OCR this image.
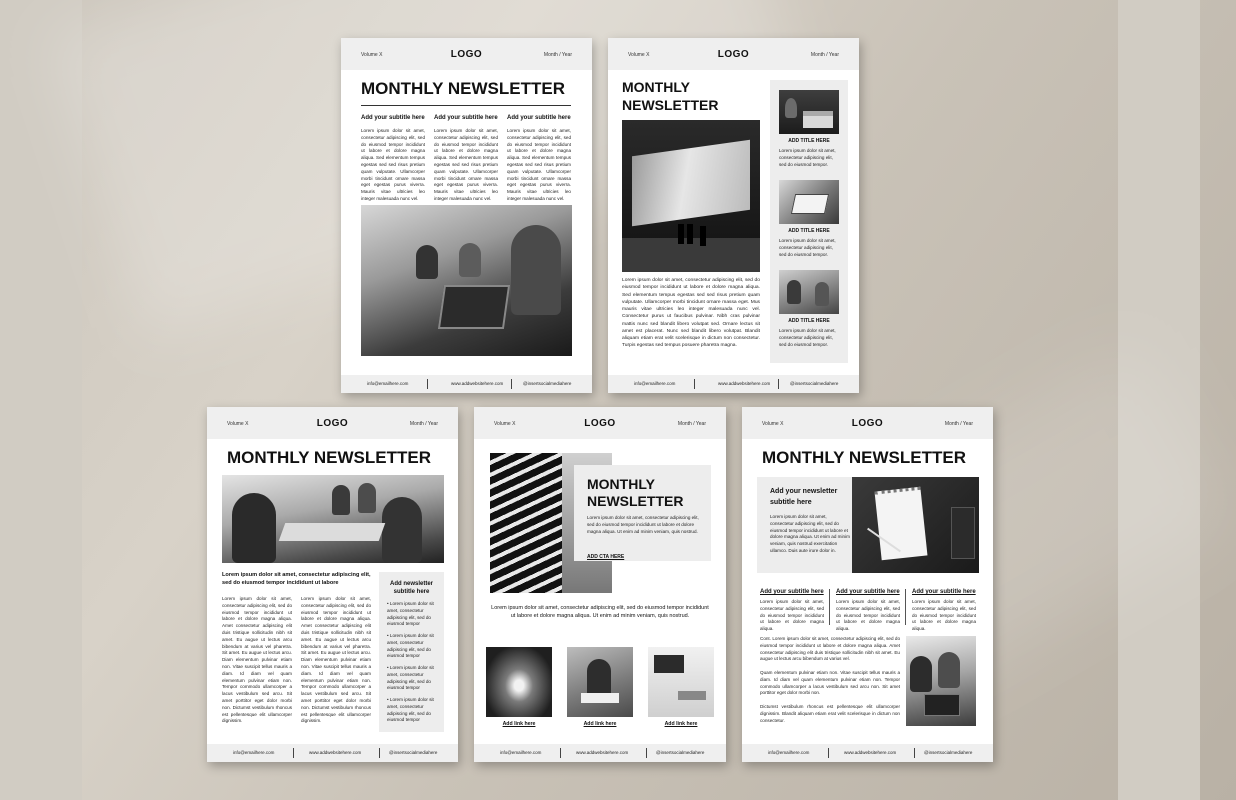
Volume X	LOGO	Month / Year
MONTHLY NEWSLETTER
Add your subtitle here Add your subtitle here Add your subtitle here
Lorem ipsum dolor sit amet, consectetur adipiscing elit, sed do eiusmod tempor incididunt ut labore et dolore magna aliqua. Sed elementum tempus egestas sed sed risus pretium quam vulputate. Ullamcorper morbi tincidunt ornare massa eget egestas purus viverra. Mauris vitae ultricies leo integer malesuada nunc vel.
Lorem ipsum dolor sit amet, consectetur adipiscing elit, sed do eiusmod tempor incididunt ut labore et dolore magna aliqua. Sed elementum tempus egestas sed sed risus pretium quam vulputate. Ullamcorper morbi tincidunt ornare massa eget egestas purus viverra. Mauris vitae ultricies leo integer malesuada nunc vel.
Lorem ipsum dolor sit amet, consectetur adipiscing elit, sed do eiusmod tempor incididunt ut labore et dolore magna aliqua. Sed elementum tempus egestas sed sed risus pretium quam vulputate. Ullamcorper morbi tincidunt ornare massa eget egestas purus viverra. Mauris vitae ultricies leo integer malesuada nunc vel.
info@emailhere.com	www.addwebsitehere.com	@insertsocialmediahere
Volume X	LOGO	Month / Year
MONTHLY
NEWSLETTER
Lorem ipsum dolor sit amet, consectetur adipiscing elit, sed do eiusmod tempor incididunt ut labore et dolore magna aliqua. Sed elementum tempus egestas sed sed risus pretium quam vulputate. Ullamcorper morbi tincidunt ornare massa eget. Mus mauris vitae ultricies leo integer malesuada nunc vel. Consectetur purus ut faucibus pulvinar. Nibh cras pulvinar mattis nunc sed blandit libero volutpat sed. Ornare lectus sit amet est placerat. Nunc sed blandit libero volutpat. Blandit aliquam etiam erat velit scelerisque in dictum non consectetur. Turpis egestas sed tempus posuere pharetra magna.
ADD TITLE HERE
Lorem ipsum dolor sit amet, consectetur adipiscing elit, sed do eiusmod tempor.
ADD TITLE HERE
Lorem ipsum dolor sit amet, consectetur adipiscing elit, sed do eiusmod tempor.
ADD TITLE HERE
Lorem ipsum dolor sit amet, consectetur adipiscing elit, sed do eiusmod tempor.
info@emailhere.com	www.addwebsitehere.com	@insertsocialmediahere
Volume X	LOGO	Month / Year
MONTHLY NEWSLETTER
Lorem ipsum dolor sit amet, consectetur adipiscing elit, sed do eiusmod tempor incididunt ut labore
Lorem ipsum dolor sit amet, consectetur adipiscing elit, sed do eiusmod tempor incididunt ut labore et dolore magna aliqua. Amet consectetur adipiscing elit duis tristique sollicitudin nibh sit amet. Eu augue ut lectus arcu bibendum at varius vel pharetra. Sit amet. Eu augue ut lectus arcu. Diam elementum pulvinar etiam non. Vitae suscipit tellus mauris a diam. Id diam vel quam elementum pulvinar etiam non. Tempor commodo ullamcorper a lacus vestibulum sed arcu. Sit amet porttitor eget dolor morbi non. Dictumst vestibulum rhoncus est pellentesque elit ullamcorper dignissim.
Lorem ipsum dolor sit amet, consectetur adipiscing elit, sed do eiusmod tempor incididunt ut labore et dolore magna aliqua. Amet consectetur adipiscing elit duis tristique sollicitudin nibh sit amet. Eu augue ut lectus arcu bibendum at varius vel pharetra. Sit amet. Eu augue ut lectus arcu. Diam elementum pulvinar etiam non. Vitae suscipit tellus mauris a diam. Id diam vel quam elementum pulvinar etiam non. Tempor commodo ullamcorper a lacus vestibulum sed arcu. Sit amet porttitor eget dolor morbi non. Dictumst vestibulum rhoncus est pellentesque elit ullamcorper dignissim.
Add newsletter subtitle here
• Lorem ipsum dolor sit amet, consectetur adipiscing elit, sed do eiusmod tempor
• Lorem ipsum dolor sit amet, consectetur adipiscing elit, sed do eiusmod tempor
• Lorem ipsum dolor sit amet, consectetur adipiscing elit, sed do eiusmod tempor
• Lorem ipsum dolor sit amet, consectetur adipiscing elit, sed do eiusmod tempor
info@emailhere.com	www.addwebsitehere.com	@insertsocialmediahere
Volume X	LOGO	Month / Year
MONTHLY
NEWSLETTER
Lorem ipsum dolor sit amet, consectetur adipiscing elit, sed do eiusmod tempor incididunt ut labore et dolore magna aliqua. Ut enim ad minim veniam, quis nostrud.
ADD CTA HERE
Lorem ipsum dolor sit amet, consectetur adipiscing elit, sed do eiusmod tempor incididunt ut labore et dolore magna aliqua. Ut enim ad minim veniam, quis nostrud.
Add link here	Add link here	Add link here
info@emailhere.com	www.addwebsitehere.com	@insertsocialmediahere
Volume X	LOGO	Month / Year
MONTHLY NEWSLETTER
Add your newsletter subtitle here
Lorem ipsum dolor sit amet, consectetur adipiscing elit, sed do eiusmod tempor incididunt ut labore et dolore magna aliqua. Ut enim ad minim veniam, quis nostrud exercitation ullamco. Duis aute irure dolor in.
Add your subtitle here Add your subtitle here Add your subtitle here
Lorem ipsum dolor sit amet, consectetur adipiscing elit, sed do eiusmod tempor incididunt ut labore et dolore magna aliqua.
Lorem ipsum dolor sit amet, consectetur adipiscing elit, sed do eiusmod tempor incididunt ut labore et dolore magna aliqua.
Lorem ipsum dolor sit amet, consectetur adipiscing elit, sed do eiusmod tempor incididunt ut labore et dolore magna aliqua.
Cont. Lorem ipsum dolor sit amet, consectetur adipiscing elit, sed do eiusmod tempor incididunt ut labore et dolore magna aliqua. Amet consectetur adipiscing elit duis tristique sollicitudin nibh sit amet. Eu augue ut lectus arcu bibendum at varius vel.
Quam elementum pulvinar etiam non. Vitae suscipit tellus mauris a diam. Id diam vel quam elementum pulvinar etiam non. Tempor commodo ullamcorper a lacus vestibulum sed arcu non. Sit amet porttitor eget dolor morbi non.
Dictumst vestibulum rhoncus est pellentesque elit ullamcorper dignissim. Blandit aliquam etiam erat velit scelerisque in dictum non consectetur.
info@emailhere.com	www.addwebsitehere.com	@insertsocialmediahere
